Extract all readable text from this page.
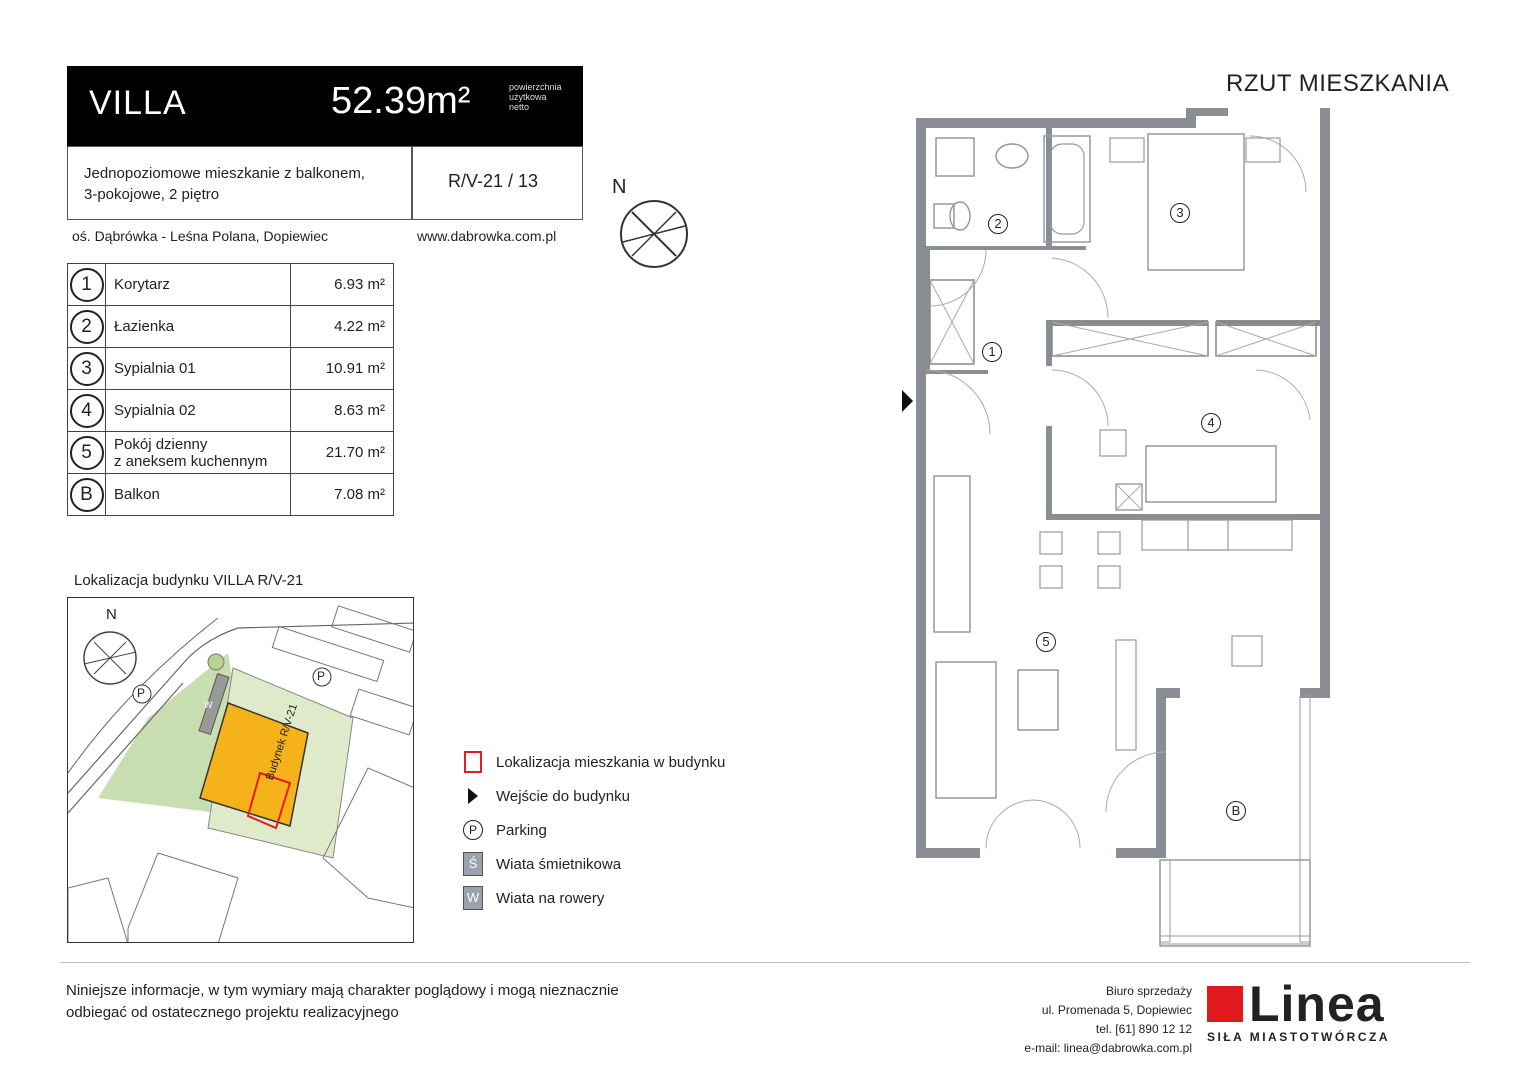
VILLA	52.39m²	powierzchnia
użytkowa
netto
Jednopoziomowe mieszkanie z balkonem,
3-pokojowe, 2 piętro
R/V-21 / 13
oś. Dąbrówka - Leśna Polana, Dopiewiec	www.dabrowka.com.pl
1	Korytarz	6.93 m²
2	Łazienka	4.22 m²
3	Sypialnia 01	10.91 m²
4	Sypialnia 02	8.63 m²
5	Pokój dzienny
z aneksem kuchennym	21.70 m²
B	Balkon	7.08 m²
N
RZUT MIESZKANIA
1
2
3
4
5
B
Lokalizacja budynku VILLA R/V-21
N
P
P
W	Budynek R/V-21	Lokalizacja mieszkania w budynku
Wejście do budynku
P	Parking
Ś	Wiata śmietnikowa
W Wiata na rowery
Niniejsze informacje, w tym wymiary mają charakter poglądowy i mogą nieznacznie
odbiegać od ostatecznego projektu realizacyjnego
Biuro sprzedaży
ul. Promenada 5, Dopiewiec
tel. [61] 890 12 12
e-mail: linea@dabrowka.com.pl
Linea
SIŁA MIASTOTWÓRCZA
